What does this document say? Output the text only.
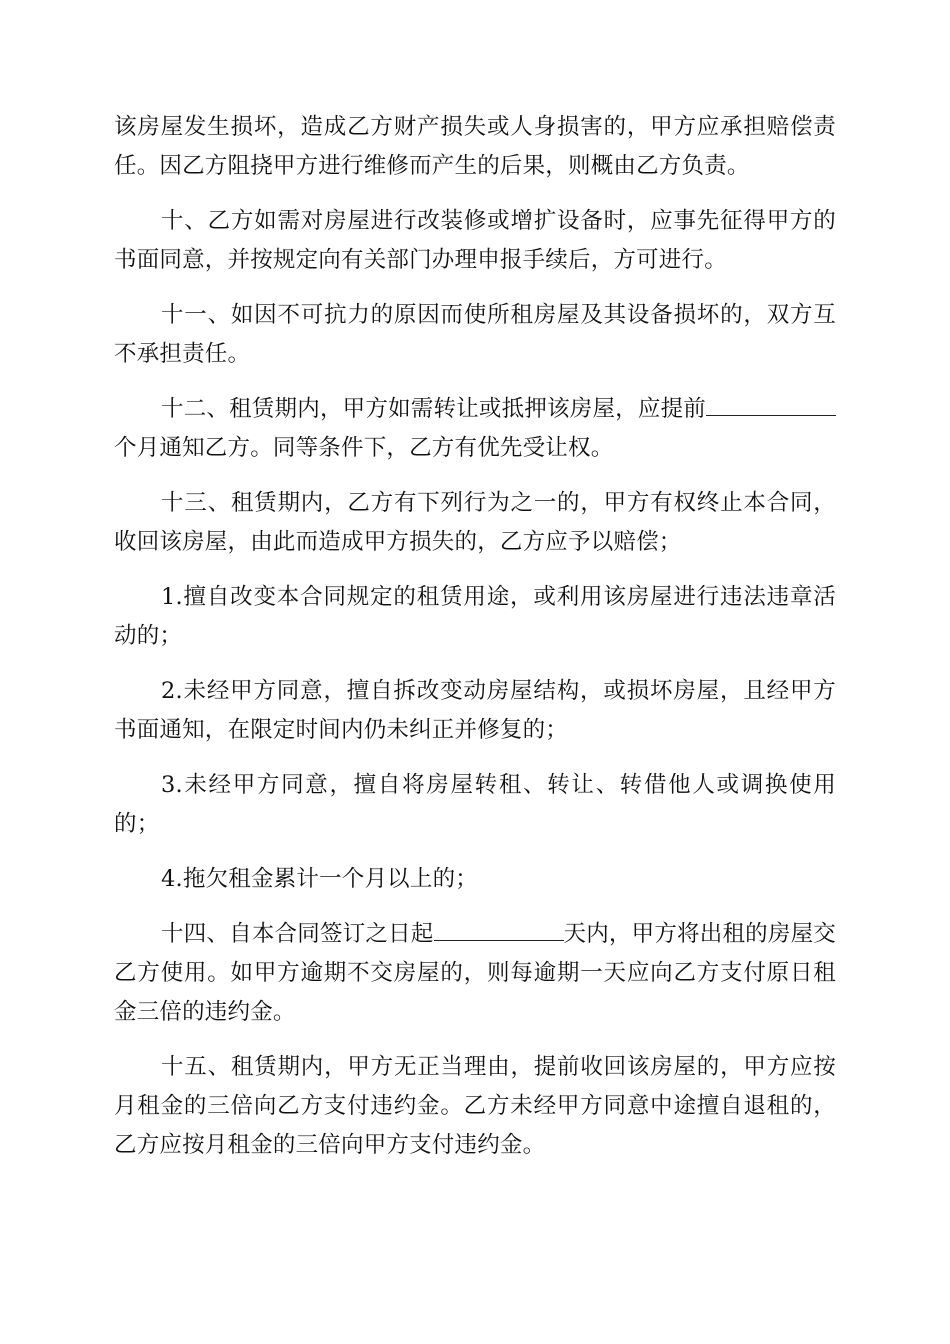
该房屋发生损坏，造成乙方财产损失或人身损害的，甲方应承担赔偿责任。因乙方阻挠甲方进行维修而产生的后果，则概由乙方负责。

十、乙方如需对房屋进行改装修或增扩设备时，应事先征得甲方的书面同意，并按规定向有关部门办理申报手续后，方可进行。

十一、如因不可抗力的原因而使所租房屋及其设备损坏的，双方互不承担责任。

十二、租赁期内，甲方如需转让或抵押该房屋，应提前个月通知乙方。同等条件下，乙方有优先受让权。

十三、租赁期内，乙方有下列行为之一的，甲方有权终止本合同，收回该房屋，由此而造成甲方损失的，乙方应予以赔偿；

1.擅自改变本合同规定的租赁用途，或利用该房屋进行违法违章活动的；

2.未经甲方同意，擅自拆改变动房屋结构，或损坏房屋，且经甲方书面通知，在限定时间内仍未纠正并修复的；

3.未经甲方同意，擅自将房屋转租、转让、转借他人或调换使用的；

4.拖欠租金累计一个月以上的；

十四、自本合同签订之日起	天内，甲方将出租的房屋交乙方使用。如甲方逾期不交房屋的，则每逾期一天应向乙方支付原日租金三倍的违约金。

十五、租赁期内，甲方无正当理由，提前收回该房屋的，甲方应按月租金的三倍向乙方支付违约金。乙方未经甲方同意中途擅自退租的，乙方应按月租金的三倍向甲方支付违约金。
